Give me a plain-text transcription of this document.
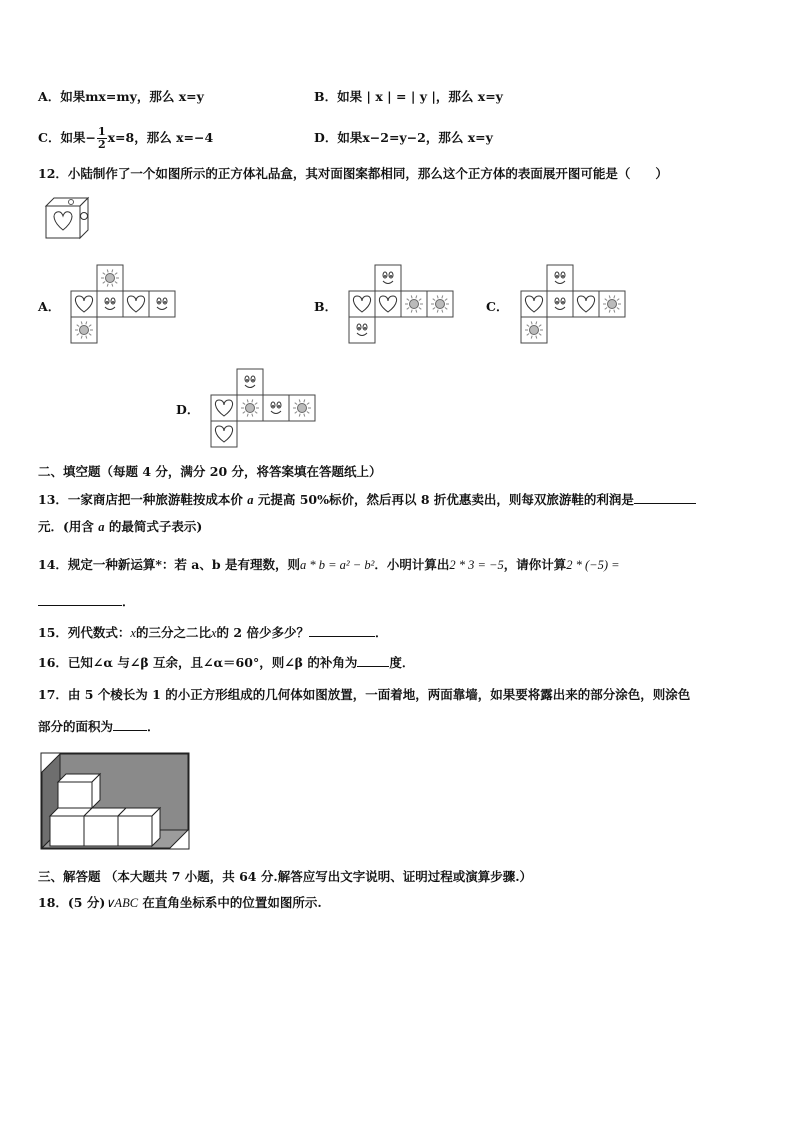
A．如果mx=my，那么 x=y	B．如果 | x | = | y |，那么 x=y
C．如果− $\frac{1}{2} x=8$，那么 x=−4	D．如果x−2=y−2，那么 x=y
12．小陆制作了一个如图所示的正方体礼品盒，其对面图案都相同，那么这个正方体的表面展开图可能是（　　）
A．	B．	C．
D．
二、填空题（每题 4 分，满分 20 分，将答案填在答题纸上）
13．一家商店把一种旅游鞋按成本价 a 元提高 50%标价，然后再以 8 折优惠卖出，则每双旅游鞋的利润是
元．(用含 a 的最简式子表示)
14．规定一种新运算*：若 a、b 是有理数，则a * b = a² − b²．小明计算出2 * 3 = −5，请你计算2 * (−5) =
．
15．列代数式：x的三分之二比x的 2 倍少多少？	．
16．已知∠α 与∠β 互余，且∠α＝60°，则∠β 的补角为	度．
17．由 5 个棱长为 1 的小正方形组成的几何体如图放置，一面着地，两面靠墙，如果要将露出来的部分涂色，则涂色
部分的面积为	．
三、解答题 （本大题共 7 小题，共 64 分.解答应写出文字说明、证明过程或演算步骤.）
18．(5 分)∨ABC 在直角坐标系中的位置如图所示.
